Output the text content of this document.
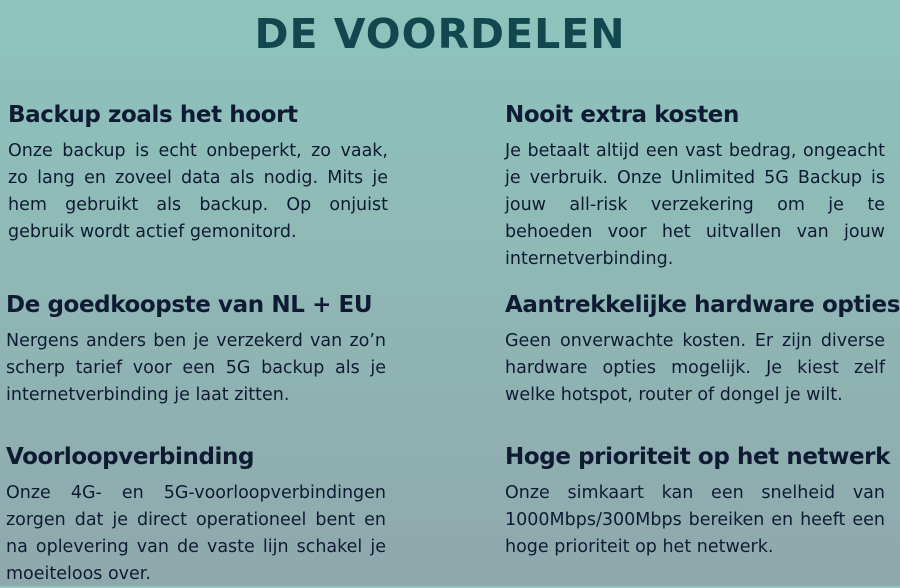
DE VOORDELEN
Backup zoals het hoort

Onze backup is echt onbeperkt, zo vaak, zo lang en zoveel data als nodig. Mits je hem gebruikt als backup. Op onjuist gebruik wordt actief gemonitord.

Nooit extra kosten

Je betaalt altijd een vast bedrag, ongeacht je verbruik. Onze Unlimited 5G Backup is jouw all-risk verzekering om je te behoeden voor het uitvallen van jouw internetverbinding.

De goedkoopste van NL + EU

Nergens anders ben je verzekerd van zo’n scherp tarief voor een 5G backup als je internetverbinding je laat zitten.

Aantrekkelijke hardware opties

Geen onverwachte kosten. Er zijn diverse hardware opties mogelijk. Je kiest zelf welke hotspot, router of dongel je wilt.

Voorloopverbinding

Onze 4G- en 5G-voorloopverbindingen zorgen dat je direct operationeel bent en na oplevering van de vaste lijn schakel je moeiteloos over.

Hoge prioriteit op het netwerk

Onze simkaart kan een snelheid van 1000Mbps/300Mbps bereiken en heeft een hoge prioriteit op het netwerk.
